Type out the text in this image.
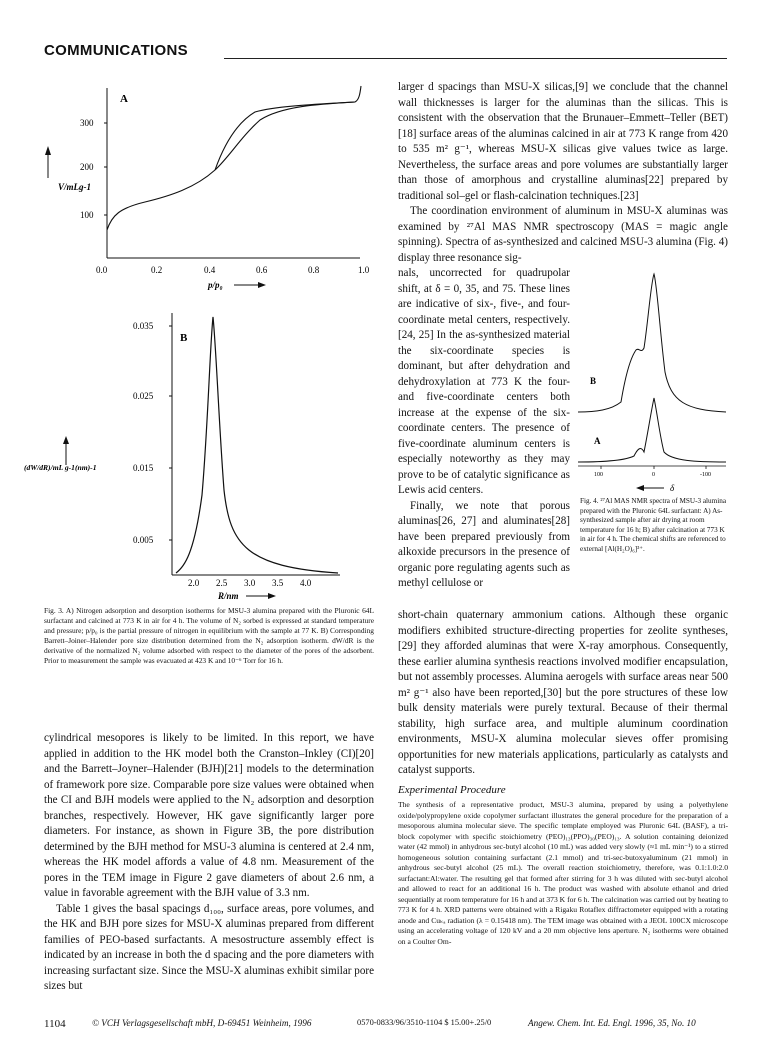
COMMUNICATIONS
V/mLg-1
300
200
100
0.0	0.2	0.4	0.6	0.8	1.0
A
p/p₀
(dW/dR)/mL g-1(nm)-1
0.035
0.025
0.015
0.005
2.0 2.5 3.0 3.5 4.0
B
R/nm
Fig. 3. A) Nitrogen adsorption and desorption isotherms for MSU-3 alumina prepared with the Pluronic 64L surfactant and calcined at 773 K in air for 4 h. The volume of N₂ sorbed is expressed at standard temperature and pressure; p/p₀ is the partial pressure of nitrogen in equilibrium with the sample at 77 K. B) Corresponding Barrett–Joiner–Halender pore size distribution determined from the N₂ adsorption isotherm. dW/dR is the derivative of the normalized N₂ volume adsorbed with respect to the diameter of the pores of the adsorbent. Prior to measurement the sample was evacuated at 423 K and 10⁻⁶ Torr for 16 h.

cylindrical mesopores is likely to be limited. In this report, we have applied in addition to the HK model both the Cranston–Inkley (CI)[20] and the Barrett–Joyner–Halender (BJH)[21] models to the determination of framework pore size. Comparable pore size values were obtained when the CI and BJH models were applied to the N₂ adsorption and desorption branches, respectively. However, HK gave significantly larger pore diameters. For instance, as shown in Figure 3B, the pore distribution determined by the BJH method for MSU-3 alumina is centered at 2.4 nm, whereas the HK model affords a value of 4.8 nm. Measurement of the pores in the TEM image in Figure 2 gave diameters of about 2.6 nm, a value in favorable agreement with the BJH value of 3.3 nm.

Table 1 gives the basal spacings d₁₀₀, surface areas, pore volumes, and the HK and BJH pore sizes for MSU-X aluminas prepared from different families of PEO-based surfactants. A mesostructure assembly effect is indicated by an increase in both the d spacing and the pore diameters with increasing surfactant size. Since the MSU-X aluminas exhibit similar pore sizes but

larger d spacings than MSU-X silicas,[9] we conclude that the channel wall thicknesses is larger for the aluminas than the silicas. This is consistent with the observation that the Brunauer–Emmett–Teller (BET)[18] surface areas of the aluminas calcined in air at 773 K range from 420 to 535 m² g⁻¹, whereas MSU-X silicas give values twice as large. Nevertheless, the surface areas and pore volumes are substantially larger than those of amorphous and crystalline aluminas[22] prepared by traditional sol–gel or flash-calcination techniques.[23]

The coordination environment of aluminum in MSU-X aluminas was examined by ²⁷Al MAS NMR spectroscopy (MAS = magic angle spinning). Spectra of as-synthesized and calcined MSU-3 alumina (Fig. 4) display three resonance sig-

nals, uncorrected for quadrupolar shift, at δ = 0, 35, and 75. These lines are indicative of six-, five-, and four-coordinate metal centers, respectively.[24, 25] In the as-synthesized material the six-coordinate species is dominant, but after dehydration and dehydroxylation at 773 K the four- and five-coordinate centers both increase at the expense of the six-coordinate centers. The presence of five-coordinate aluminum centers is especially noteworthy as they may prove to be of catalytic significance as Lewis acid centers.

Finally, we note that porous aluminas[26, 27] and aluminates[28] have been prepared previously from alkoxide precursors in the presence of organic pore regulating agents such as methyl cellulose or

B
A
100	0	-100
δ
Fig. 4. ²⁷Al MAS NMR spectra of MSU-3 alumina prepared with the Pluronic 64L surfactant: A) As-synthesized sample after air drying at room temperature for 16 h; B) after calcination at 773 K in air for 4 h. The chemical shifts are referenced to external [Al(H₂O)₆]³⁺.

short-chain quaternary ammonium cations. Although these organic modifiers exhibited structure-directing properties for zeolite syntheses,[29] they afforded aluminas that were X-ray amorphous. Consequently, these earlier alumina synthesis reactions involved modifier encapsulation, but not assembly processes. Alumina aerogels with surface areas near 500 m² g⁻¹ also have been reported,[30] but the pore structures of these low bulk density materials were purely textural. Because of their thermal stability, high surface area, and multiple aluminum coordination environments, MSU-X alumina molecular sieves offer promising opportunities for new materials applications, particularly as catalysts and catalyst supports.

Experimental Procedure
The synthesis of a representative product, MSU-3 alumina, prepared by using a polyethylene oxide/polypropylene oxide copolymer surfactant illustrates the general procedure for the preparation of a mesoporous alumina molecular sieve. The specific template employed was Pluronic 64L (BASF), a tri-block copolymer with specific stoichiometry (PEO)₁₃(PPO)₃₀(PEO)₁₃. A solution containing deionized water (42 mmol) in anhydrous sec-butyl alcohol (10 mL) was added very slowly (≈1 mL min⁻¹) to a stirred homogeneous solution containing surfactant (2.1 mmol) and tri-sec-butoxyaluminum (21 mmol) in anhydrous sec-butyl alcohol (25 mL). The overall reaction stoichiometry, therefore, was 0.1:1.0:2.0 surfactant:Al:water. The resulting gel that formed after stirring for 3 h was diluted with sec-butyl alcohol and allowed to react for an additional 16 h. The product was washed with absolute ethanol and dried sequentially at room temperature for 16 h and at 373 K for 6 h. The calcination was carried out by heating to 773 K for 4 h. XRD patterns were obtained with a Rigaku Rotaflex diffractometer equipped with a rotating anode and Cuₖₐ radiation (λ = 0.15418 nm). The TEM image was obtained with a JEOL 100CX microscope using an accelerating voltage of 120 kV and a 20 mm objective lens aperture. N₂ isotherms were obtained on a Coulter Om-
1104	© VCH Verlagsgesellschaft mbH, D-69451 Weinheim, 1996	0570-0833/96/3510-1104 $ 15.00+.25/0	Angew. Chem. Int. Ed. Engl. 1996, 35, No. 10
